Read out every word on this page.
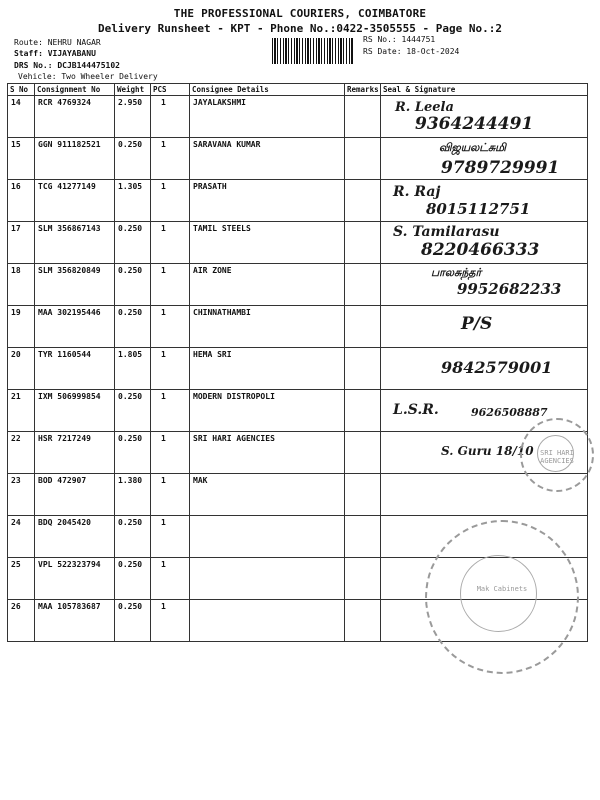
THE PROFESSIONAL COURIERS, COIMBATORE
Delivery Runsheet - KPT - Phone No.:0422-3505555 - Page No.:2
Route: NEHRU NAGAR
Staff: VIJAYABANU
DRS No.: DCJB144475102
Vehicle: Two Wheeler Delivery
RS No.: 1444751
RS Date: 18-Oct-2024
S No	Consignment No	Weight	PCS	Consignee Details	Remarks	Seal & Signature
14	RCR 4769324	2.950	1	JAYALAKSHMI		R. Leela
9364244491

15	GGN 911182521	0.250	1	SARAVANA KUMAR		விஜயலட்சுமி
9789729991

16	TCG 41277149	1.305	1	PRASATH		R. Raj
8015112751

17	SLM 356867143	0.250	1	TAMIL STEELS		S. Tamilarasu
8220466333

18	SLM 356820849	0.250	1	AIR ZONE		பாலசுந்தர்
9952682233

19	MAA 302195446	0.250	1	CHINNATHAMBI		P/S

20	TYR 1160544	1.805	1	HEMA SRI		9842579001

21	IXM 506999854	0.250	1	MODERN DISTROPOLI		L.S.R. 9626508887

22	HSR 7217249	0.250	1	SRI HARI AGENCIES		S. Guru 18/10

23	BOD 472907	1.380	1	MAK		
24	BDQ 2045420	0.250	1			
25	VPL 522323794	0.250	1			
26	MAA 105783687	0.250	1			
SRI HARI AGENCIES
Mak Cabinets
